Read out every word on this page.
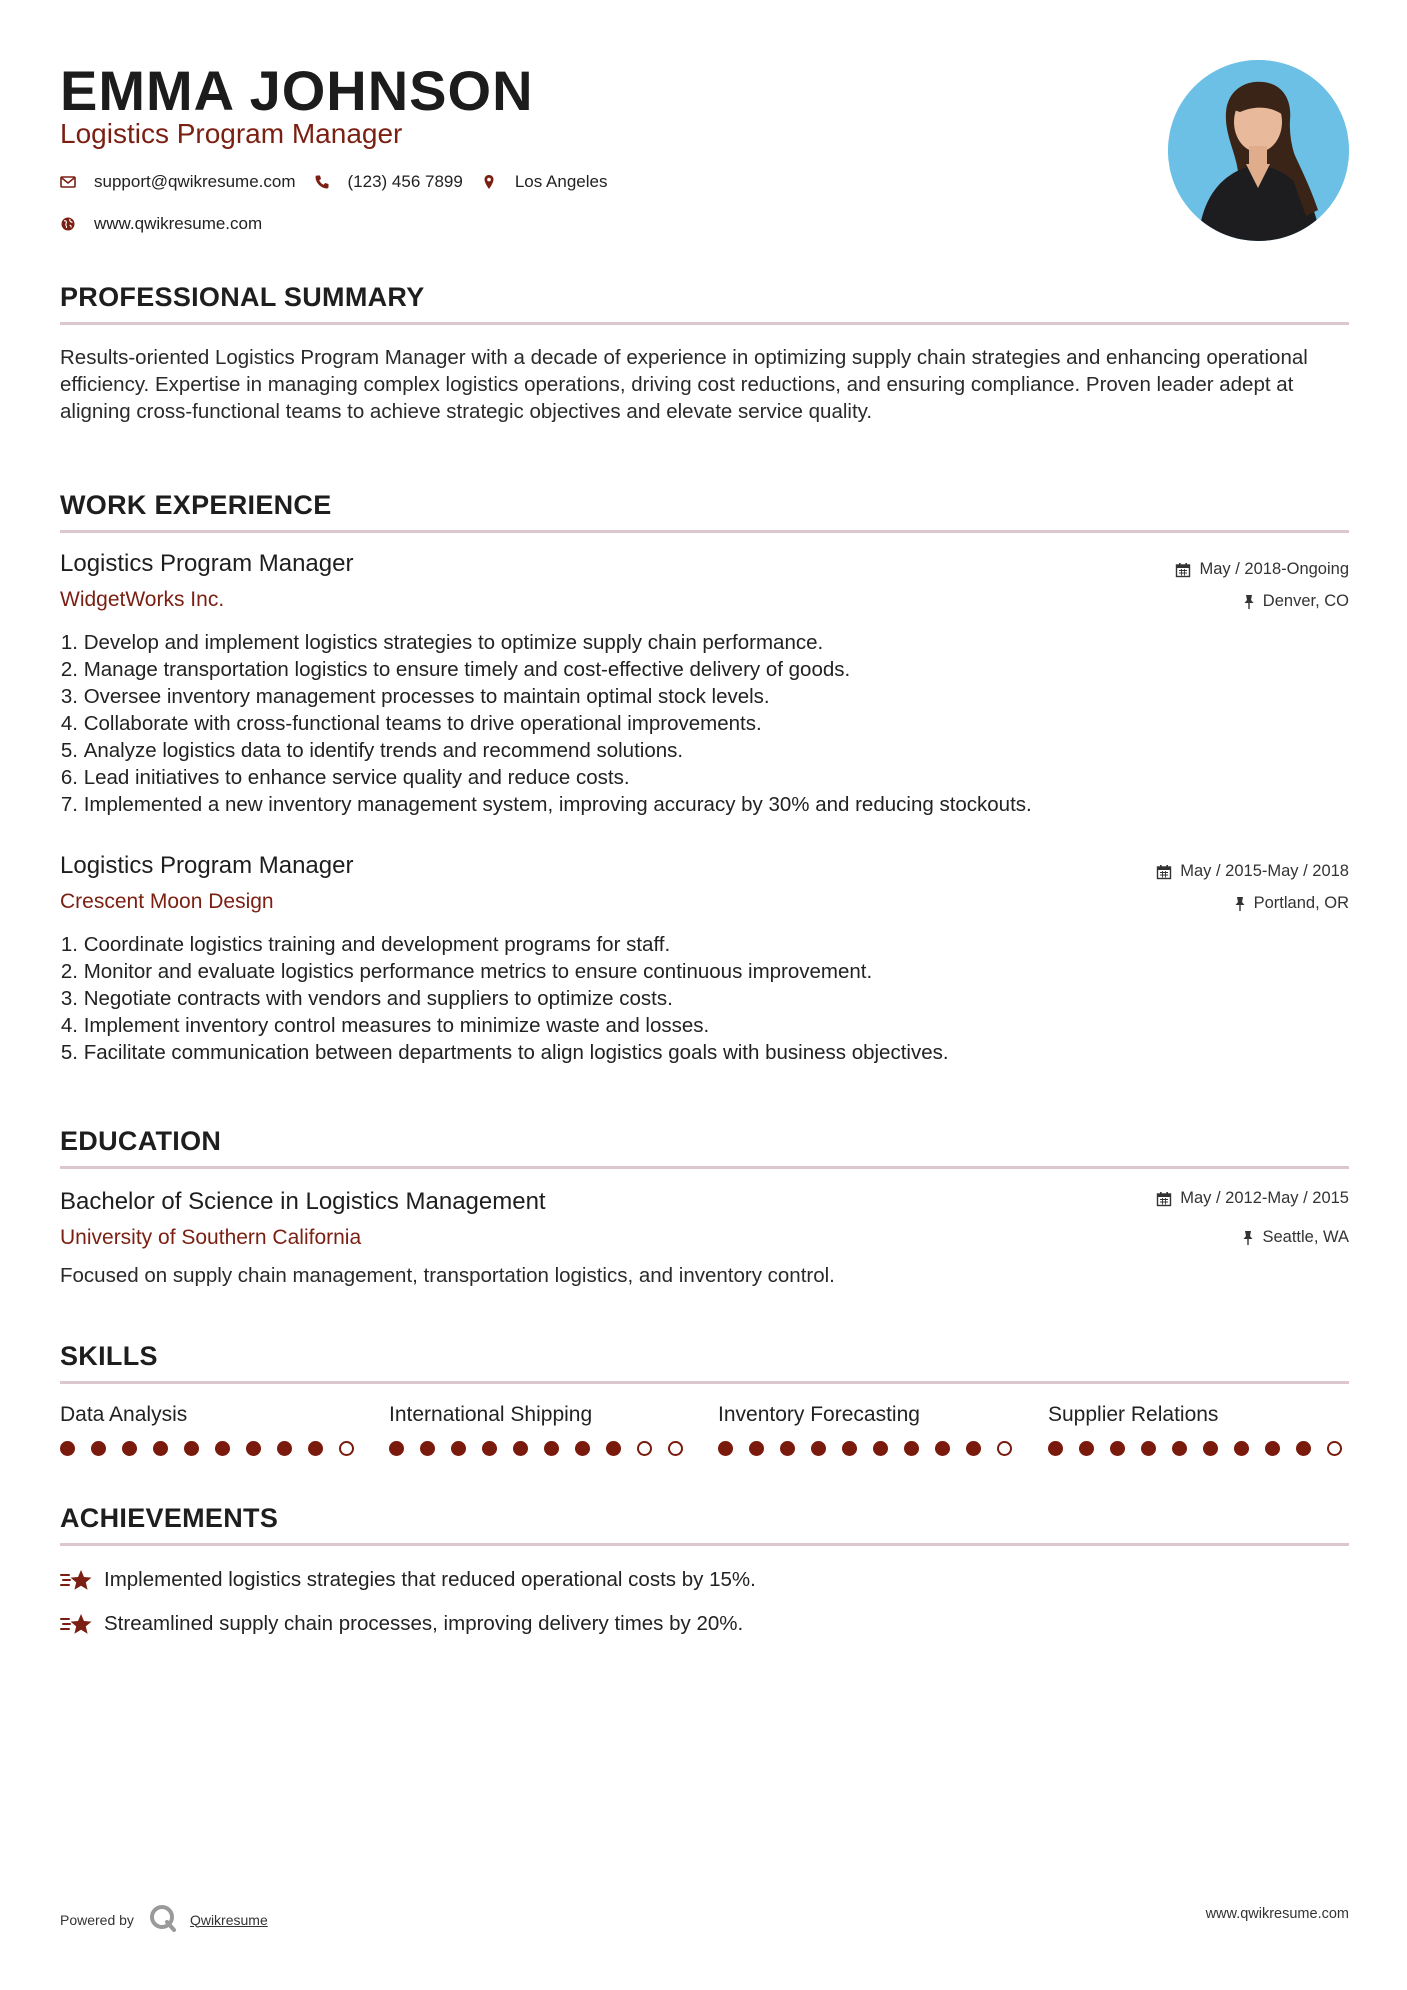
EMMA JOHNSON
Logistics Program Manager
support@qwikresume.com	(123) 456 7899	Los Angeles
www.qwikresume.com
PROFESSIONAL SUMMARY
Results-oriented Logistics Program Manager with a decade of experience in optimizing supply chain strategies and enhancing operational efficiency. Expertise in managing complex logistics operations, driving cost reductions, and ensuring compliance. Proven leader adept at aligning cross-functional teams to achieve strategic objectives and elevate service quality.
WORK EXPERIENCE
Logistics Program Manager	May / 2018-Ongoing
WidgetWorks Inc.	Denver, CO
1.
Develop and implement logistics strategies to optimize supply chain performance.
2.
Manage transportation logistics to ensure timely and cost-effective delivery of goods.
3.
Oversee inventory management processes to maintain optimal stock levels.
4.
Collaborate with cross-functional teams to drive operational improvements.
5.
Analyze logistics data to identify trends and recommend solutions.
6.
Lead initiatives to enhance service quality and reduce costs.
7.
Implemented a new inventory management system, improving accuracy by 30% and reducing stockouts.
Logistics Program Manager	May / 2015-May / 2018
Crescent Moon Design	Portland, OR
1.
Coordinate logistics training and development programs for staff.
2.
Monitor and evaluate logistics performance metrics to ensure continuous improvement.
3.
Negotiate contracts with vendors and suppliers to optimize costs.
4.
Implement inventory control measures to minimize waste and losses.
5.
Facilitate communication between departments to align logistics goals with business objectives.
EDUCATION
Bachelor of Science in Logistics Management	May / 2012-May / 2015
University of Southern California	Seattle, WA
Focused on supply chain management, transportation logistics, and inventory control.
SKILLS
Data Analysis	International Shipping	Inventory Forecasting	Supplier Relations
ACHIEVEMENTS
Implemented logistics strategies that reduced operational costs by 15%.
Streamlined supply chain processes, improving delivery times by 20%.
Powered by	Qwikresume	www.qwikresume.com
